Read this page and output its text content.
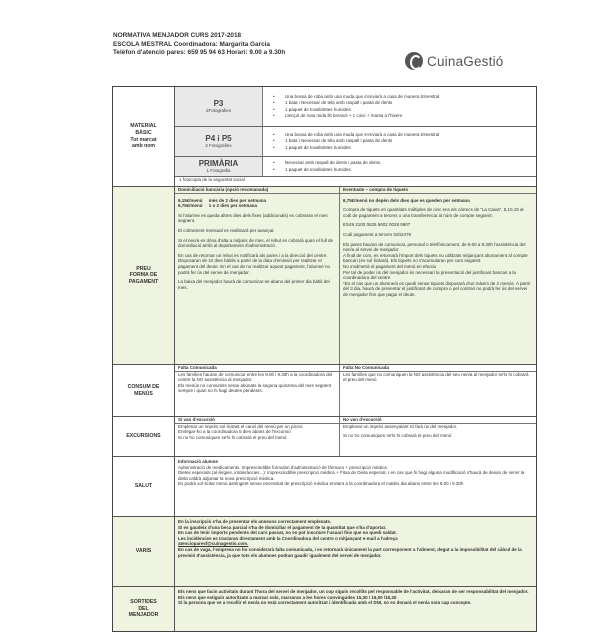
NORMATIVA MENJADOR CURS 2017-2018
ESCOLA MESTRAL Coordinadora: Margarita Garcia
Telèfon d'atenció pares: 659 95 94 63 Horari: 9.00 a 9.30h
CuinaGestió
MATERIAL
BÀSIC
Tot marcat
amb nom
P3
2Fotografies
• Una bossa de roba amb una muda que s'enviarà a casa de manera trimestral
• 1 bata i Necessar de tela amb raspall i pasta de dents
• 1 paquet de tovalloletes humides
• Llençol de sota mida llit bressol + 1 coixí + manta a l'hivern
P4 i P5
2 Fotografies
• Una bossa de roba amb una muda que s'enviarà a casa de manera trimestral
• 1 bata i Necessar de tela amb raspall i pasta de dents
• 1 paquet de tovalloletes humides
PRIMÀRIA
1 Fotografia
• Necessar amb raspall de dents i pasta de dents.
• 1 paquet de tovalloletes humides
1 fotocopia de la seguretat social
PREU
FORMA DE
PAGAMENT
Domiciliació bancària (opció recomanada)
6,15€/menú     més de 2 dies per setmana
6,75€/menú     1 o 2 dies per setmana
Si l'alumne es queda altres dies dels fixes (addicionals) es cobraran el mes següent.
El cobrament mensual es realitzarà per avançat.
Si el nen/a es dóna d'alta a mitjans de mes, el rebut es cobrarà quan el full de domiciliació arribi al departament d'administració.
En cas de retornar un rebut es notificarà als pares i a la direcció del centre. Disposaran de 10 dies hàbils a partir de la data d'emissió per realitzar el pagament del deute. En el cas de no realitzar aquest pagament, l'alumne no podrà fer ús del servei de menjador.
La baixa del menjador haurà de comunicar-se abans del primer dia hàbil del mes.
Eventuals – compra de tiquets
6,75€/menú no depèn dels dies que es queden per setmana
Compra de tiquets en quantitats múltiples de cinc ens els càrrecs de "La Caixa", 5,10,15 al codi de pagament a tercers o una transferència al núm de compte següent:
ES49 2100 0625 5602 0028 9907
Codi pagament a tercers 0202479
Els pares hauran de comunicar, personal o telefònicament, de 9.00 a 9.30h l'assistència del nen/a al servei de menjador
A final de curs, es retornarà l'import dels tiquets no utilitzats mitjançant abonament al compte bancari (es sol·licitarà). Els tiquets no s'acumularan per curs següent
No s'admetrà el pagament del menú en efectiu
Per tal de poder ús del menjador és necessari la presentació del justificant bancari a la coordinadora del centre
*En el cas que un alumne/a es quedi sense tiquets disposarà d'un màxim de 2 menús. A partir del 3 dia, haurà de presentar el justificant de compra o pel contrari no podrà fer ús del servei de menjador fins que pagui el deute.
CONSUM DE
MENÚS
Falta Comunicada
Les famílies hauran de comunicar entre les 9.00 i 9.30h a la coordinadora del centre la NO assistència al menjador.
Els menús no consumits seran abonats la segona quinzena del mes següent sempre i quan no hi hagi deutes pendents.
Falta No Comunicada
Les famílies que no comuniquen la NO assistència del seu nen/a al menjador se'ls hi cobrarà el preu del menú
EXCURSIONS
Si van d'excursió
Emplenar un imprès sol·licitant el canvi del menú per un pícnic
Entregar-ho a la coordinadora 5 dies abans de l'excursió
Si no ho comuniquen se'ls hi cobrarà el preu del menú
No van d'excursió
Emplenar un imprès assenyalant Sí farà ús del menjador.
Si no ho comuniquen se'ls hi cobrarà el preu del menú
SALUT
Informació alumne
Administració de medicaments. Imprescindible formulari d'administració de fàrmacs + prescripció mèdica
Dietes especials (al·lèrgies, intoleràncies...): imprescindible prescripció mèdica + Fitxa de Dieta especial. I en cas que hi hagi alguna modificació s'haurà de deixar de servir la dieta caldrà adjuntar la nova prescripció mèdica.
Es podrà sol·licitar menú astringent sense necessitat de prescripció mèdica enviant a la coordinadora el matèix dia abans entre les 9.00 i 9.30h
VARIS
En la inscripció s'ha de presentar els annexos correctament emplenats.
Si es gaudeix d'una beca parcial s'ha de domiciliar el pagament de la quantitat que s'ha d'aportar.
En cas de tenir imports pendents del curs passat, no es pot inscriure l'usuari fins que no quedi saldat.
Les incidències es tractaran directament amb la Coordinadora del centre o mitjançant e-mail a l'adreça
atencioparesf@cuinagestio.com.
En cas de vaga, l'empresa no ho considerarà falta comunicada, i es retornarà únicament la part corresponent a l'aliment, degut a la impossibilitat del càlcul de la previsió d'assistència, ja que tots els alumnes podran gaudir igualment del servei de menjador.
SORTIDES
DEL
MENJADOR
Els nens que facin activitats durant l'hora del servei de menjador, un cop siguin recollits pel responsable de l'activitat, deixaran de ser responsabilitat del menjador.
Els nens que estiguin autoritzats a marxar sols, marxaran a les hores convingudes 15,30 / 16,00 /16,30
Si la persona que ve a recollir el nen/a no està correctament autoritzat i identificada amb el DNI, no es donarà el nen/a sota cap concepte.
